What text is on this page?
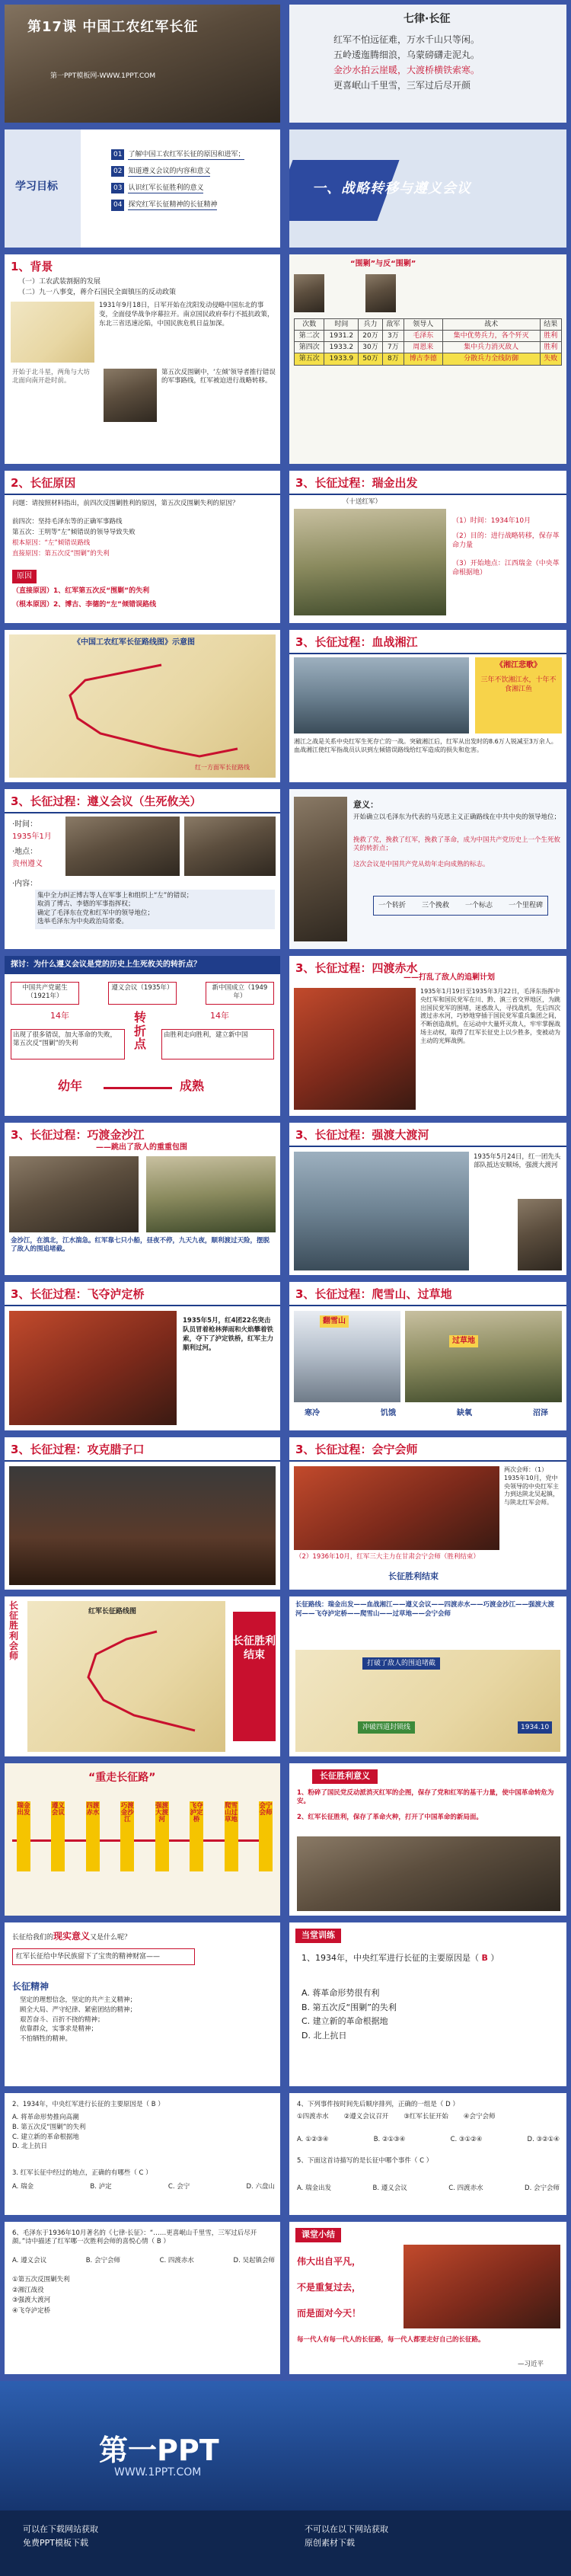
第17课 中国工农红军长征
第一PPT模板网-WWW.1PPT.COM
七律·长征
红军不怕远征难，万水千山只等闲。
五岭逶迤腾细浪，乌蒙磅礴走泥丸。
金沙水拍云崖暖，大渡桥横铁索寒。
更喜岷山千里雪，三军过后尽开颜
学习目标
01 了解中国工农红军长征的原因和进军；
02 知道遵义会议的内容和意义
03 认识红军长征胜利的意义
04 探究红军长征精神的长征精神
一、战略转移与遵义会议
1、背景
（一）工农武装割据的发展
（二）九一八事变，蒋介石国民全面镇压的反动政策
1931年9月18日，日军开始在沈阳发动侵略中国东北的事变，全面侵华战争序幕拉开。南京国民政府奉行不抵抗政策，东北三省迅速沦陷，中国民族危机日益加深。
开始于北斗星，两角与大坊北面向南开赴时前。
第五次反围剿中，‘左倾’领导者推行错误的军事路线，红军被迫进行战略转移。
“围剿”与反“围剿”
次数	时间	兵力	敌军	领导人	战术	结果
第二次	1931.2	20万	3万	毛泽东	集中优势兵力，各个歼灭	胜利
第四次	1933.2	30万	7万	周恩来	集中兵力消灭敌人	胜利
第五次	1933.9	50万	8万	博古李德	分散兵力全线防御	失败
2、长征原因
问题：请按照材料指出，前四次反围剿胜利的原因，第五次反围剿失利的原因？
前四次：坚持毛泽东等的正确军事路线
第五次：王明等“左”倾错误的领导导致失败
根本原因：“左”倾错误路线
直接原因：第五次反“围剿”的失利
原因
（直接原因）1、红军第五次反“围剿”的失利
（根本原因）2、博古、李德的“左”倾错误路线
3、长征过程：瑞金出发
（十送红军）
（1）时间：1934年10月
（2）目的：进行战略转移，保存革命力量
（3）开始地点：江西瑞金（中央革命根据地）
《中国工农红军长征路线图》示意图
红一方面军长征路线
3、长征过程：血战湘江
《湘江悲歌》
三年不饮湘江水，十年不食湘江鱼
湘江之战是关系中央红军生死存亡的一战。突破湘江后，红军从出发时的8.6万人锐减至3万余人。血战湘江使红军指战员认识到左倾错误路线给红军造成的损失和危害。
3、长征过程：遵义会议（生死攸关）
·时间：
1935年1月
·地点：
贵州遵义
·内容：
集中全力纠正博古等人在军事上和组织上“左”的错误；
取消了博古、李德的军事指挥权；
确定了毛泽东在党和红军中的领导地位；
选举毛泽东为中央政治局常委。
意义：
开始确立以毛泽东为代表的马克思主义正确路线在中共中央的领导地位；
挽救了党，挽救了红军，挽救了革命，成为中国共产党历史上一个生死攸关的转折点；
这次会议是中国共产党从幼年走向成熟的标志。
一个转折 三个挽救 一个标志 一个里程碑
探讨：为什么遵义会议是党的历史上生死攸关的转折点？
中国共产党诞生（1921年）
遵义会议（1935年）	新中国成立（1949年）
14年	14年
转折点
出现了很多错误，加大革命的失败，第五次反“围剿”的失利
由胜利走向胜利，建立新中国
幼年	成熟
3、长征过程：四渡赤水
——打乱了敌人的追剿计划
1935年1月19日至1935年3月22日，毛泽东指挥中央红军和国民党军在川、黔、滇三省交界地区，为跳出国民党军的围堵，迷惑敌人，寻找战机，先后四次渡过赤水河，巧妙地穿插于国民党军重兵集团之间，不断创造战机，在运动中大量歼灭敌人，牢牢掌握战场主动权，取得了红军长征史上以少胜多，变被动为主动的光辉战例。
3、长征过程：巧渡金沙江
——跳出了敌人的重重包围
金沙江，在滇北，江水湍急。红军靠七只小船，昼夜不停，九天九夜，顺利渡过天险，摆脱了敌人的围追堵截。
3、长征过程：强渡大渡河
1935年5月24日，红一团先头部队抵达安顺场，强渡大渡河
3、长征过程：飞夺泸定桥
1935年5月，红4团22名突击队员冒着枪林弹雨和火焰攀着铁索，夺下了泸定铁桥，红军主力顺利过河。
3、长征过程：爬雪山、过草地
翻雪山
过草地
寒冷	饥饿	缺氧	沼泽
3、长征过程：攻克腊子口	3、长征过程：会宁会师
两次会师：（1）1935年10月，党中央领导的中央红军主力到达陕北吴起镇，与陕北红军会师。
（2）1936年10月，红军三大主力在甘肃会宁会师（胜利结束）
长征胜利结束
长征胜利会师
长征胜利结束
红军长征路线图
长征路线：瑞金出发——血战湘江——遵义会议——四渡赤水——巧渡金沙江——强渡大渡河——飞夺泸定桥——爬雪山——过草地——会宁会师
打破了敌人的围追堵截
冲破四道封锁线	1934.10
“重走长征路”
瑞金出发
遵义会议
四渡赤水
巧渡金沙江
强渡大渡河
飞夺泸定桥
爬雪山过草地
会宁会师
长征胜利意义
1、粉碎了国民党反动派消灭红军的企图，保存了党和红军的基干力量，使中国革命转危为安。
2、红军长征胜利，保存了革命火种，打开了中国革命的新局面。
长征给我们的现实意义又是什么呢？
红军长征给中华民族留下了宝贵的精神财富——
长征精神
坚定的理想信念，坚定的共产主义精神；
顾全大局、严守纪律、紧密团结的精神；
艰苦奋斗、百折不挠的精神；
依靠群众，实事求是精神；
不怕牺牲的精神。
当堂训练
1、1934年，中央红军进行长征的主要原因是（ B ）
A. 蒋革命形势很有利
B. 第五次反“围剿”的失利
C. 建立新的革命根据地
D. 北上抗日
2、1934年，中央红军进行长征的主要原因是（ B ）
A. 将革命形势推向高潮
B. 第五次反“围剿”的失利
C. 建立新的革命根据地
D. 北上抗日
3. 红军长征中经过的地点，正确的有哪些（ C ）
A. 瑞金	B. 泸定	C. 会宁	D. 六盘山
4、下列事件按时间先后顺序排列，正确的一组是（ D ）
①四渡赤水 ②遵义会议召开 ③红军长征开始 ④会宁会师
A. ①②③④	B. ②①③④	C. ③①②④	D. ③②①④
5、下面这首诗描写的是长征中哪个事件（ C ）
A. 瑞金出发	B. 遵义会议	C. 四渡赤水	D. 会宁会师
6、毛泽东于1936年10月著名的《七律·长征》：“……更喜岷山千里雪，三军过后尽开颜。”诗中描述了红军哪一次胜利会师的喜悦心情（ B ）
A. 遵义会议	B. 会宁会师	C. 四渡赤水	D. 吴起镇会师
①第五次反围剿失利
②湘江战役
③强渡大渡河
④飞夺泸定桥
课堂小结
伟大出自平凡，
不是重复过去，
而是面对今天！
每一代人有每一代人的长征路，每一代人都要走好自己的长征路。
—习近平
第一PPT
WWW.1PPT.COM
可以在下载网站获取
免费PPT模板下载
不可以在以下网站获取
原创素材下载
